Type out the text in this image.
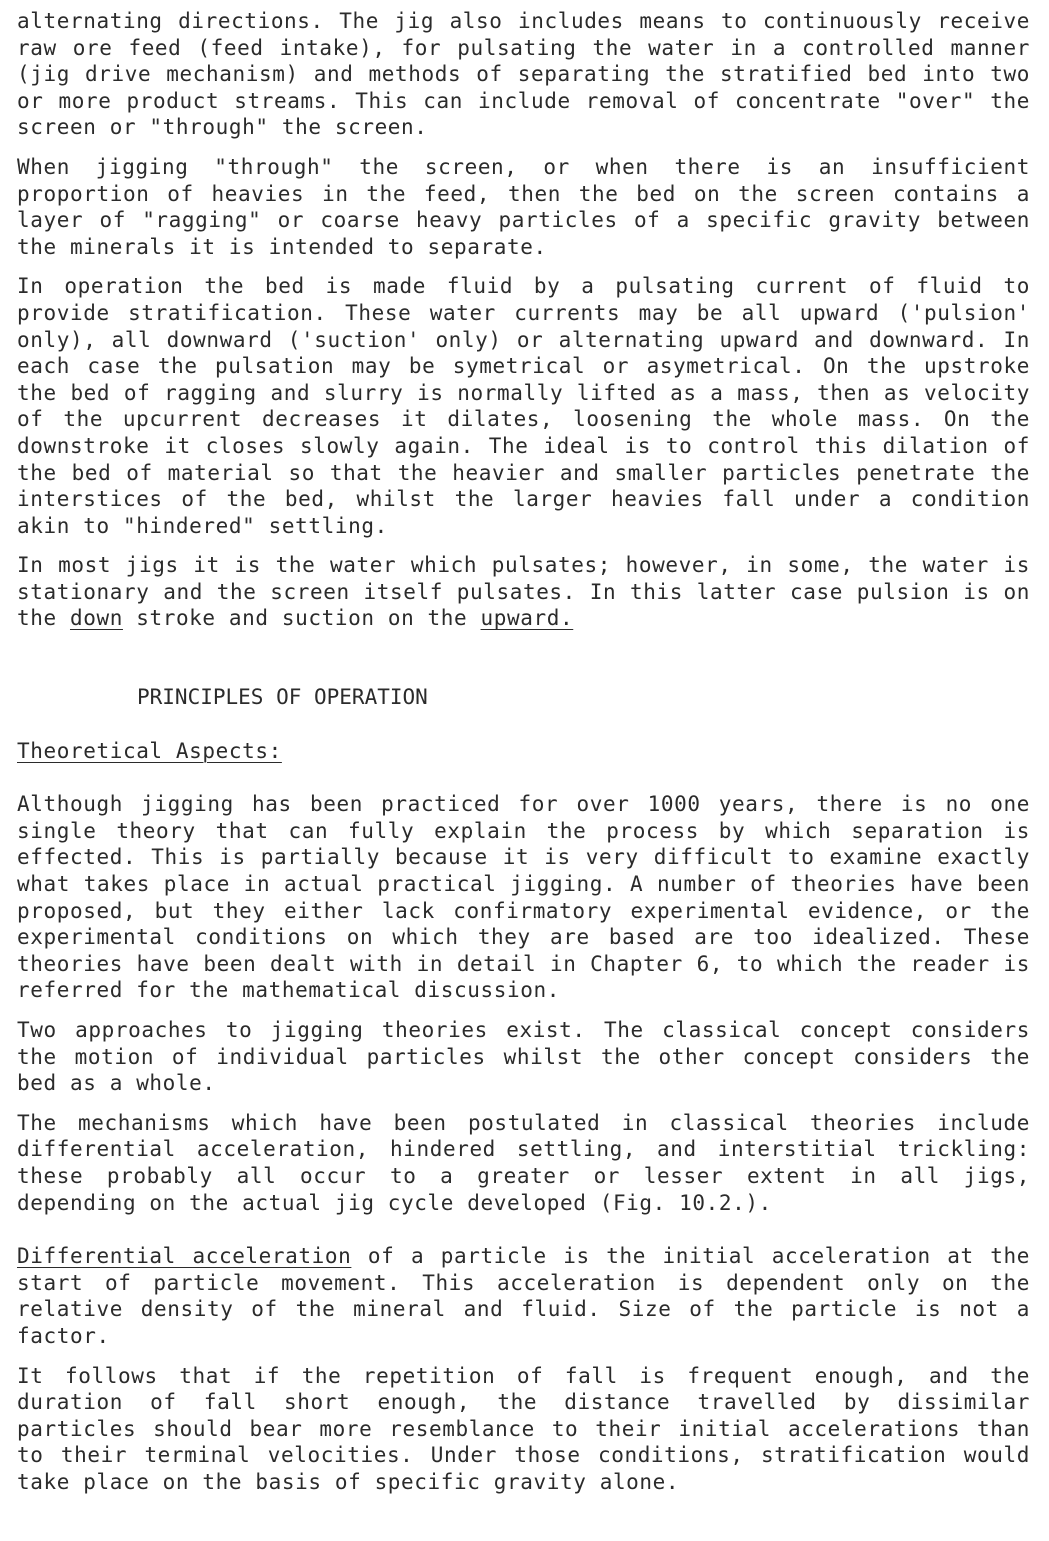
alternating directions. The jig also includes means to continuously receive raw ore feed (feed intake), for pulsating the water in a controlled manner (jig drive mechanism) and methods of separating the stratified bed into two or more product streams. This can include removal of concentrate "over" the screen or "through" the screen.

When jigging "through" the screen, or when there is an insufficient proportion of heavies in the feed, then the bed on the screen contains a layer of "ragging" or coarse heavy particles of a specific gravity between the minerals it is intended to separate.

In operation the bed is made fluid by a pulsating current of fluid to provide stratification. These water currents may be all upward ('pulsion' only), all downward ('suction' only) or alternating upward and downward. In each case the pulsation may be symetrical or asymetrical. On the upstroke the bed of ragging and slurry is normally lifted as a mass, then as velocity of the upcurrent decreases it dilates, loosening the whole mass. On the downstroke it closes slowly again. The ideal is to control this dilation of the bed of material so that the heavier and smaller particles penetrate the interstices of the bed, whilst the larger heavies fall under a condition akin to "hindered" settling.

In most jigs it is the water which pulsates; however, in some, the water is stationary and the screen itself pulsates. In this latter case pulsion is on the down stroke and suction on the upward.

PRINCIPLES OF OPERATION

Theoretical Aspects:

Although jigging has been practiced for over 1000 years, there is no one single theory that can fully explain the process by which separation is effected. This is partially because it is very difficult to examine exactly what takes place in actual practical jigging. A number of theories have been proposed, but they either lack confirmatory experimental evidence, or the experimental conditions on which they are based are too idealized. These theories have been dealt with in detail in Chapter 6, to which the reader is referred for the mathematical discussion.

Two approaches to jigging theories exist. The classical concept considers the motion of individual particles whilst the other concept considers the bed as a whole.

The mechanisms which have been postulated in classical theories include differential acceleration, hindered settling, and interstitial trickling: these probably all occur to a greater or lesser extent in all jigs, depending on the actual jig cycle developed (Fig. 10.2.).

Differential acceleration of a particle is the initial acceleration at the start of particle movement. This acceleration is dependent only on the relative density of the mineral and fluid. Size of the particle is not a factor.

It follows that if the repetition of fall is frequent enough, and the duration of fall short enough, the distance travelled by dissimilar particles should bear more resemblance to their initial accelerations than to their terminal velocities. Under those conditions, stratification would take place on the basis of specific gravity alone.
